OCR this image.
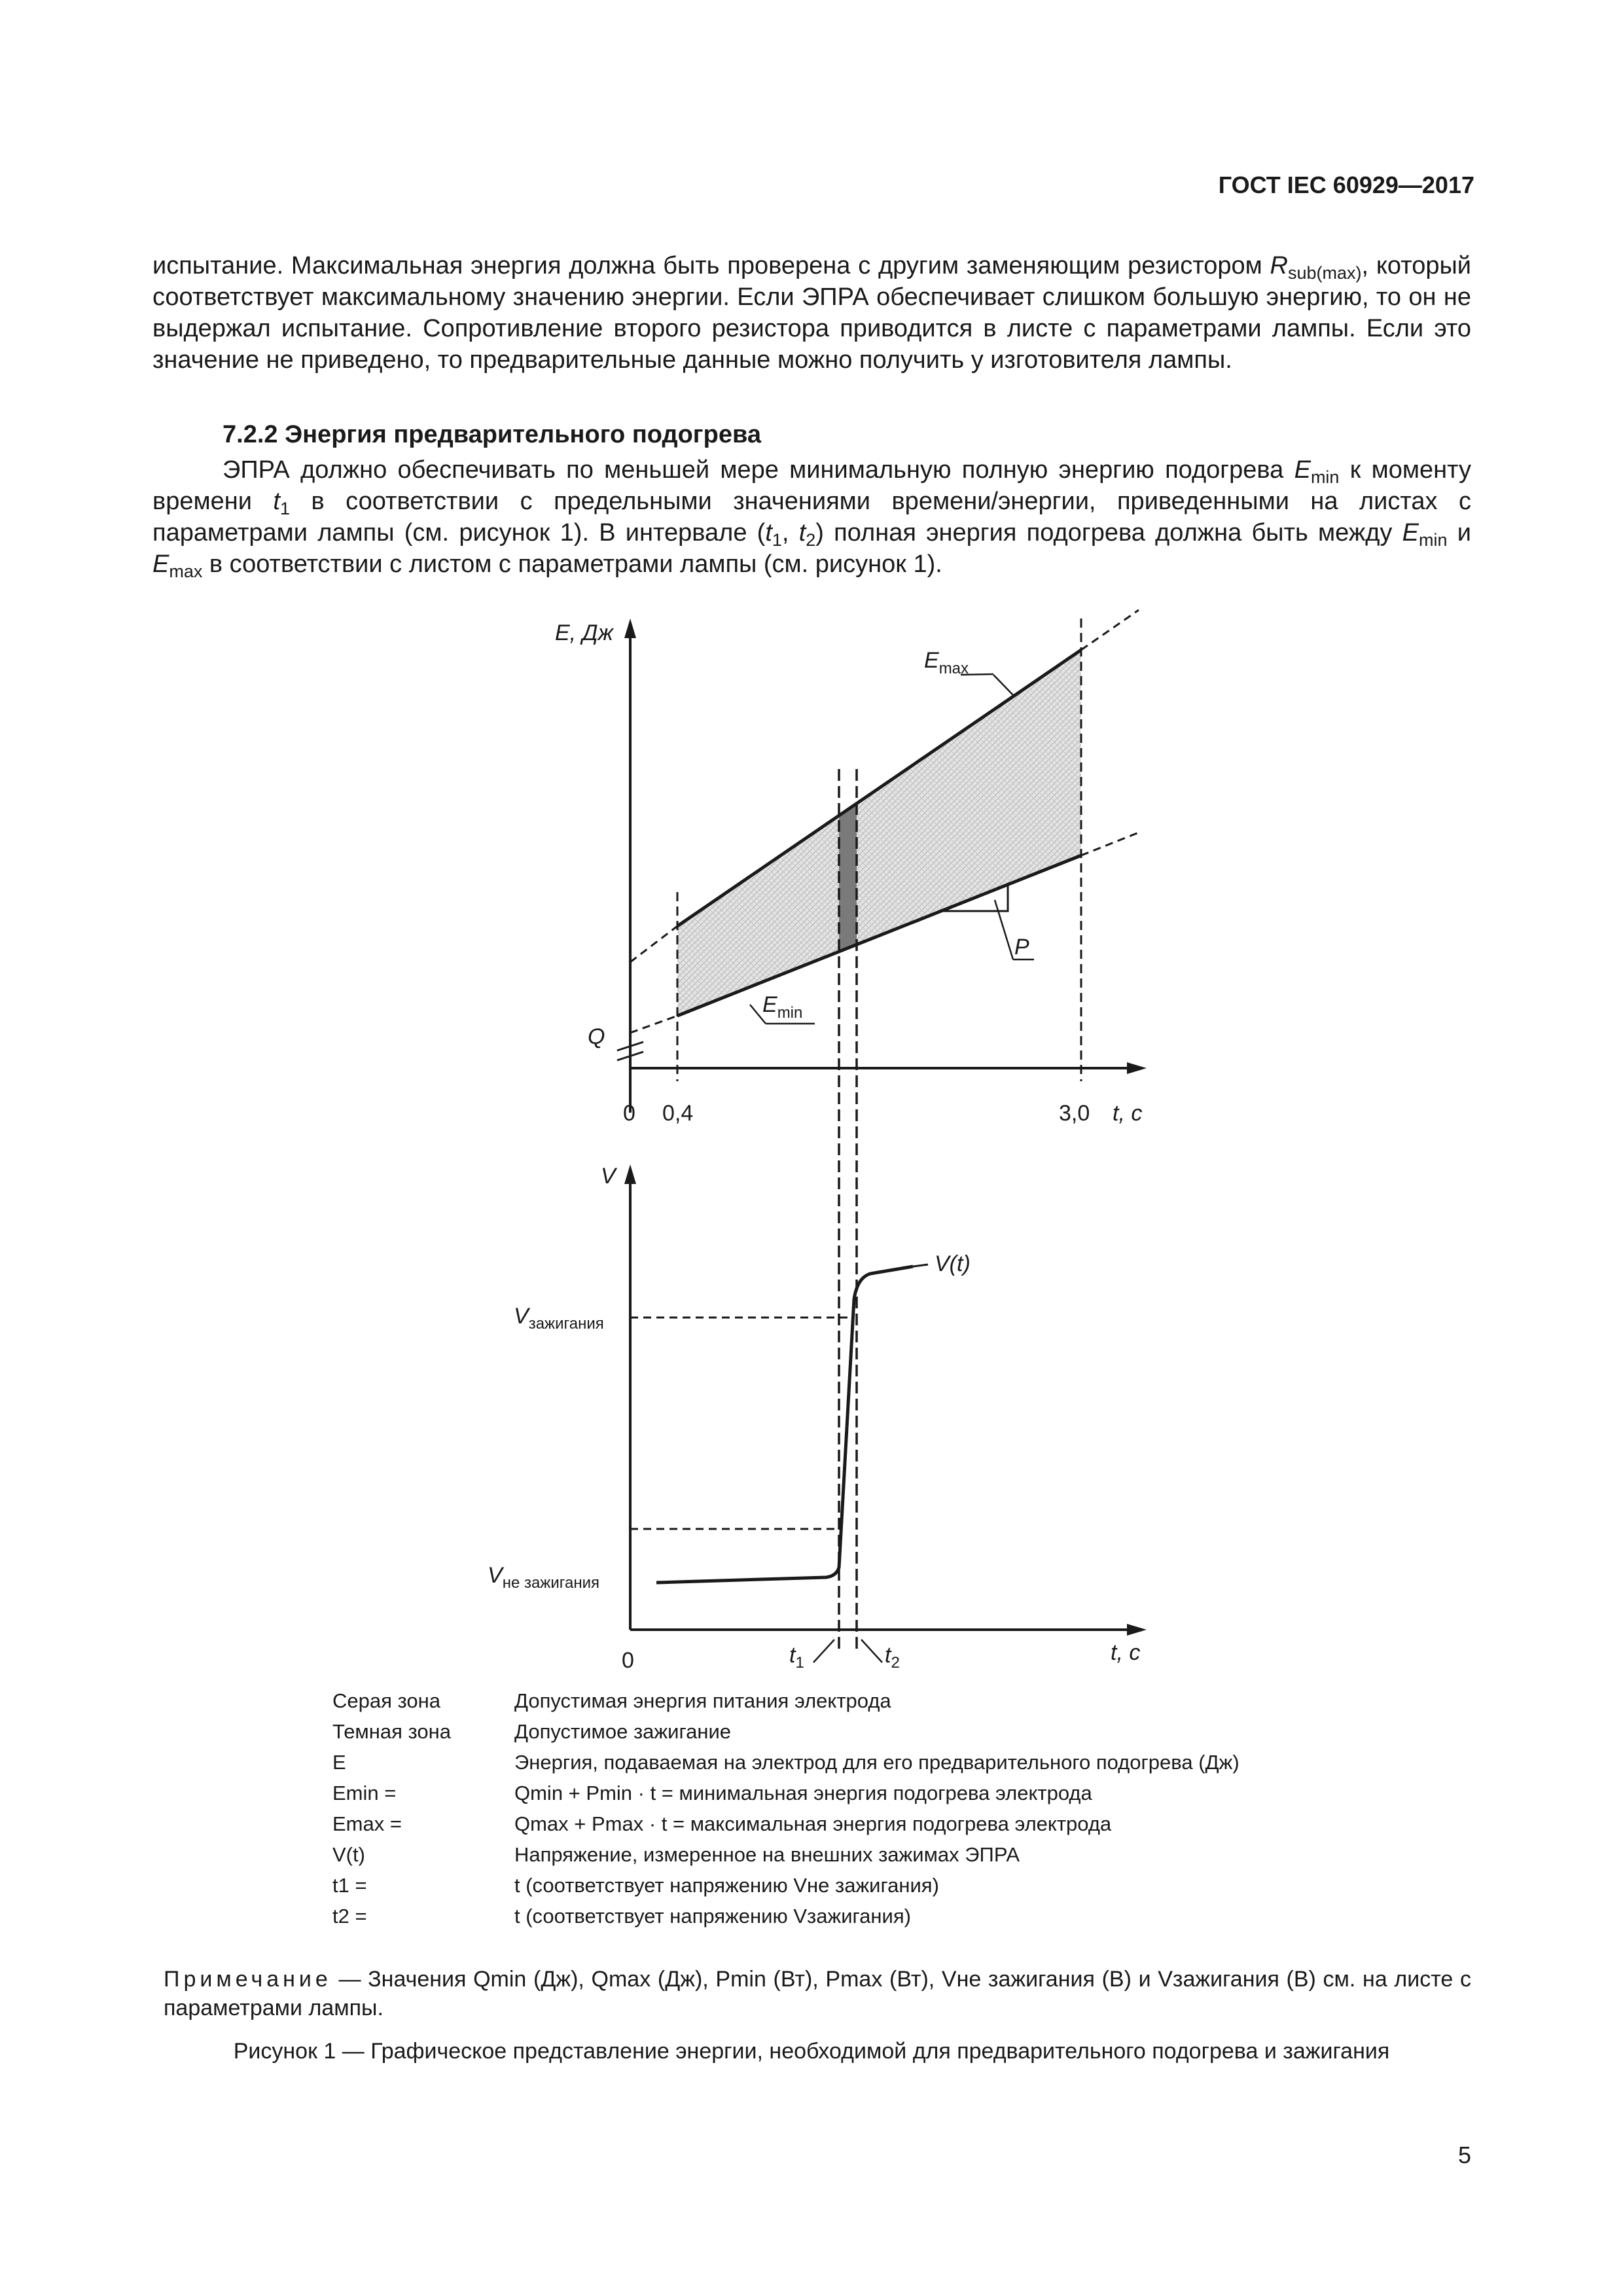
ГОСТ IEC 60929—2017

испытание. Максимальная энергия должна быть проверена с другим заменяющим резистором $R_{sub(max)}$, который соответствует максимальному значению энергии. Если ЭПРА обеспечивает слишком большую энергию, то он не выдержал испытание. Сопротивление второго резистора приводится в листе с параметрами лампы. Если это значение не приведено, то предварительные данные можно получить у изготовителя лампы.

7.2.2 Энергия предварительного подогрева

ЭПРА должно обеспечивать по меньшей мере минимальную полную энергию подогрева $E_{min}$ к моменту времени $t_1$ в соответствии с предельными значениями времени/энергии, приведенными на листах с параметрами лампы (см. рисунок 1). В интервале ($t_1$, $t_2$) полная энергия подогрева должна быть между $E_{min}$ и $E_{max}$ в соответствии с листом с параметрами лампы (см. рисунок 1).

P
$E_{max}$
$E_{min}$
E, Дж
Q
0 0,4	3,0 t, с
V
V(t)
$V_{зажигания}$
$V_{не зажигания}$
0	t, с
$t_1$	$t_2$
Серая зона	Допустимая энергия питания электрода
Темная зона	Допустимое зажигание
E	Энергия, подаваемая на электрод для его предварительного подогрева (Дж)
Emin =	Qmin + Pmin · t = минимальная энергия подогрева электрода
Emax =	Qmax + Pmax · t = максимальная энергия подогрева электрода
V(t)	Напряжение, измеренное на внешних зажимах ЭПРА
t1 =	t (соответствует напряжению Vне зажигания)
t2 =	t (соответствует напряжению Vзажигания)

Примечание — Значения Qmin (Дж), Qmax (Дж), Pmin (Вт), Pmax (Вт), Vне зажигания (В) и Vзажигания (В) см. на листе с параметрами лампы.

Рисунок 1 — Графическое представление энергии, необходимой для предварительного подогрева и зажигания
5
